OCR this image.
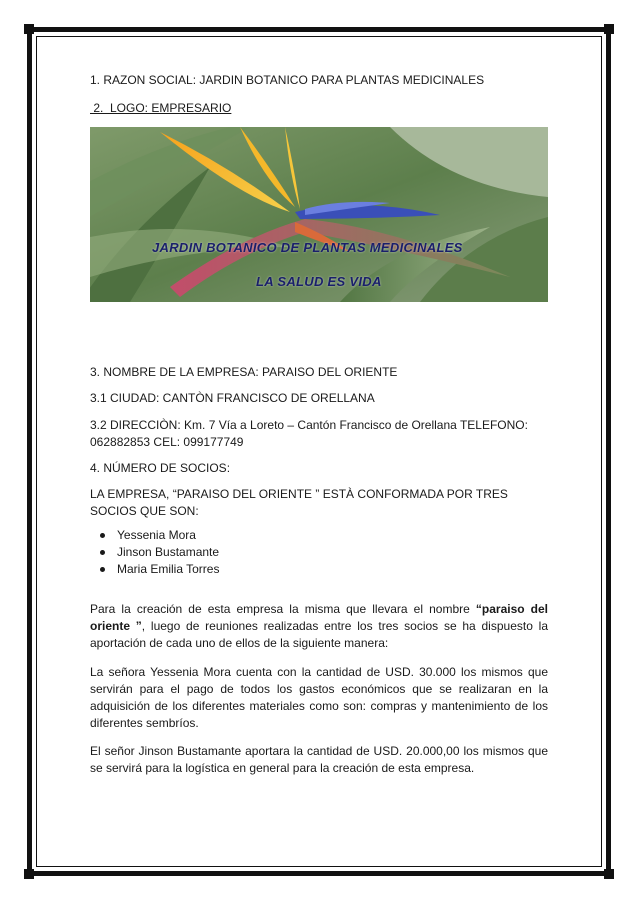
1. RAZON SOCIAL: JARDIN BOTANICO PARA PLANTAS MEDICINALES

2.  LOGO: EMPRESARIO

JARDIN BOTANICO DE PLANTAS MEDICINALES
LA SALUD ES VIDA

3. NOMBRE DE LA EMPRESA: PARAISO DEL ORIENTE

3.1 CIUDAD: CANTÒN FRANCISCO DE ORELLANA

3.2 DIRECCIÒN: Km. 7 Vía a Loreto – Cantón Francisco de Orellana TELEFONO:

062882853 CEL: 099177749

4. NÚMERO DE SOCIOS:

LA EMPRESA, “PARAISO DEL ORIENTE ” ESTÀ CONFORMADA POR TRES

SOCIOS QUE SON:

Yessenia Mora
Jinson Bustamante
Maria Emilia Torres
Para la creación de esta empresa la misma que llevara el nombre “paraiso del oriente ”, luego de reuniones realizadas entre los tres socios se ha dispuesto la aportación de cada uno de ellos de la siguiente manera:
La señora Yessenia Mora cuenta con la cantidad de USD. 30.000 los mismos que servirán para el pago de todos los gastos económicos que se realizaran en la adquisición de los diferentes materiales como son: compras y mantenimiento de los diferentes sembríos.
El señor Jinson Bustamante aportara la cantidad de USD. 20.000,00 los mismos que se servirá para la logística en general para la creación de esta empresa.
